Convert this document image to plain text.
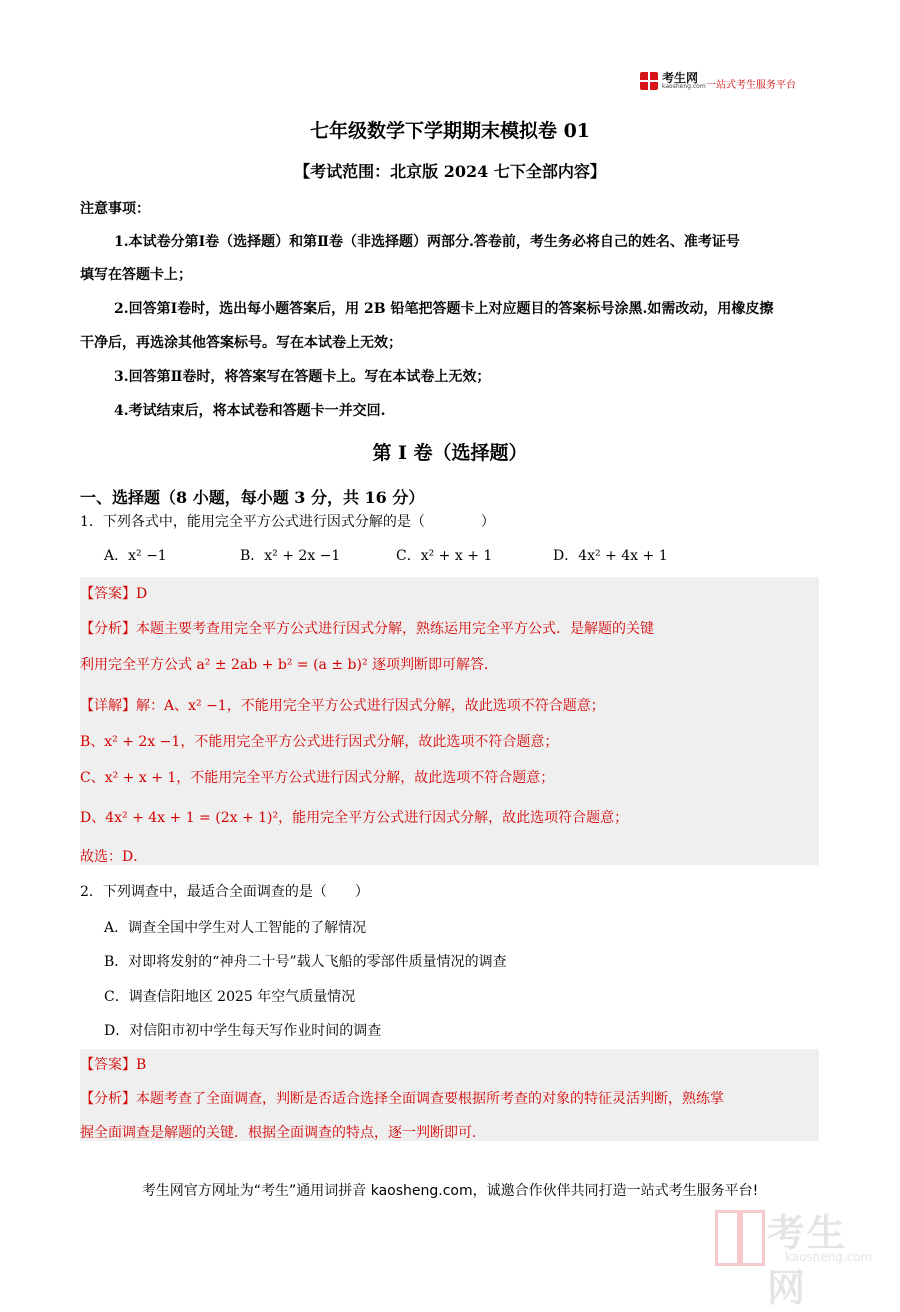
考生网
kaosheng.com 一站式考生服务平台
七年级数学下学期期末模拟卷 01
【考试范围：北京版 2024 七下全部内容】
注意事项：
1.本试卷分第Ⅰ卷（选择题）和第Ⅱ卷（非选择题）两部分.答卷前，考生务必将自己的姓名、准考证号
填写在答题卡上；
2.回答第Ⅰ卷时，选出每小题答案后，用 2B 铅笔把答题卡上对应题目的答案标号涂黑.如需改动，用橡皮擦
干净后，再选涂其他答案标号。写在本试卷上无效；
3.回答第Ⅱ卷时，将答案写在答题卡上。写在本试卷上无效；
4.考试结束后，将本试卷和答题卡一并交回.
第 I 卷（选择题）
一、选择题（8 小题，每小题 3 分，共 16 分）
1．下列各式中，能用完全平方公式进行因式分解的是（　　　　）
A．x² −1	B．x² + 2x −1	C．x² + x + 1	D．4x² + 4x + 1
【答案】D
【分析】本题主要考查用完全平方公式进行因式分解，熟练运用完全平方公式．是解题的关键
利用完全平方公式 a² ± 2ab + b² = (a ± b)² 逐项判断即可解答．
【详解】解：A、x² −1，不能用完全平方公式进行因式分解，故此选项不符合题意；
B、x² + 2x −1，不能用完全平方公式进行因式分解，故此选项不符合题意；
C、x² + x + 1，不能用完全平方公式进行因式分解，故此选项不符合题意；
D、4x² + 4x + 1 = (2x + 1)²，能用完全平方公式进行因式分解，故此选项符合题意；
故选：D．
2．下列调查中，最适合全面调查的是（　　）
A．调查全国中学生对人工智能的了解情况
B．对即将发射的“神舟二十号”载人飞船的零部件质量情况的调查
C．调查信阳地区 2025 年空气质量情况
D．对信阳市初中学生每天写作业时间的调查
【答案】B
【分析】本题考查了全面调查，判断是否适合选择全面调查要根据所考查的对象的特征灵活判断，熟练掌
握全面调查是解题的关键．根据全面调查的特点，逐一判断即可．
考生网官方网址为“考生”通用词拼音 kaosheng.com，诚邀合作伙伴共同打造一站式考生服务平台!
考生网
kaosheng.com
